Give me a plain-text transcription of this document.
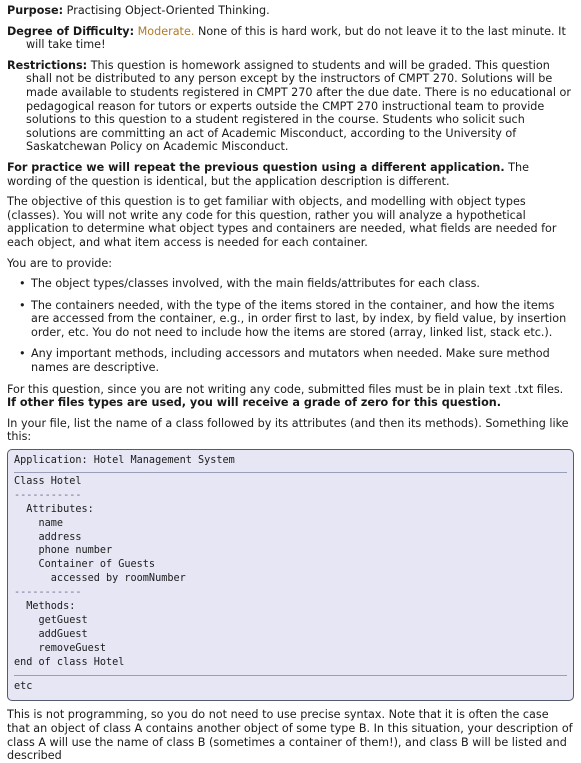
Purpose: Practising Object-Oriented Thinking.

Degree of Difficulty: Moderate. None of this is hard work, but do not leave it to the last minute. It will take time!

Restrictions: This question is homework assigned to students and will be graded. This question shall not be distributed to any person except by the instructors of CMPT 270. Solutions will be made available to students registered in CMPT 270 after the due date. There is no educational or pedagogical reason for tutors or experts outside the CMPT 270 instructional team to provide solutions to this question to a student registered in the course. Students who solicit such solutions are committing an act of Academic Misconduct, according to the University of Saskatchewan Policy on Academic Misconduct.

For practice we will repeat the previous question using a different application. The wording of the question is identical, but the application description is different.

The objective of this question is to get familiar with objects, and modelling with object types (classes). You will not write any code for this question, rather you will analyze a hypothetical application to determine what object types and containers are needed, what fields are needed for each object, and what item access is needed for each container.

You are to provide:

• The object types/classes involved, with the main fields/attributes for each class.
• The containers needed, with the type of the items stored in the container, and how the items are accessed from the container, e.g., in order first to last, by index, by field value, by insertion order, etc. You do not need to include how the items are stored (array, linked list, stack etc.).
• Any important methods, including accessors and mutators when needed. Make sure method names are descriptive.

For this question, since you are not writing any code, submitted files must be in plain text .txt files. If other files types are used, you will receive a grade of zero for this question.

In your file, list the name of a class followed by its attributes (and then its methods). Something like this:

Application: Hotel Management System
Class Hotel
-----------
Attributes:
name
address
phone number
Container of Guests
accessed by roomNumber
-----------
Methods:
getGuest
addGuest
removeGuest
end of class Hotel
etc

This is not programming, so you do not need to use precise syntax. Note that it is often the case that an object of class A contains another object of some type B. In this situation, your description of class A will use the name of class B (sometimes a container of them!), and class B will be listed and described
